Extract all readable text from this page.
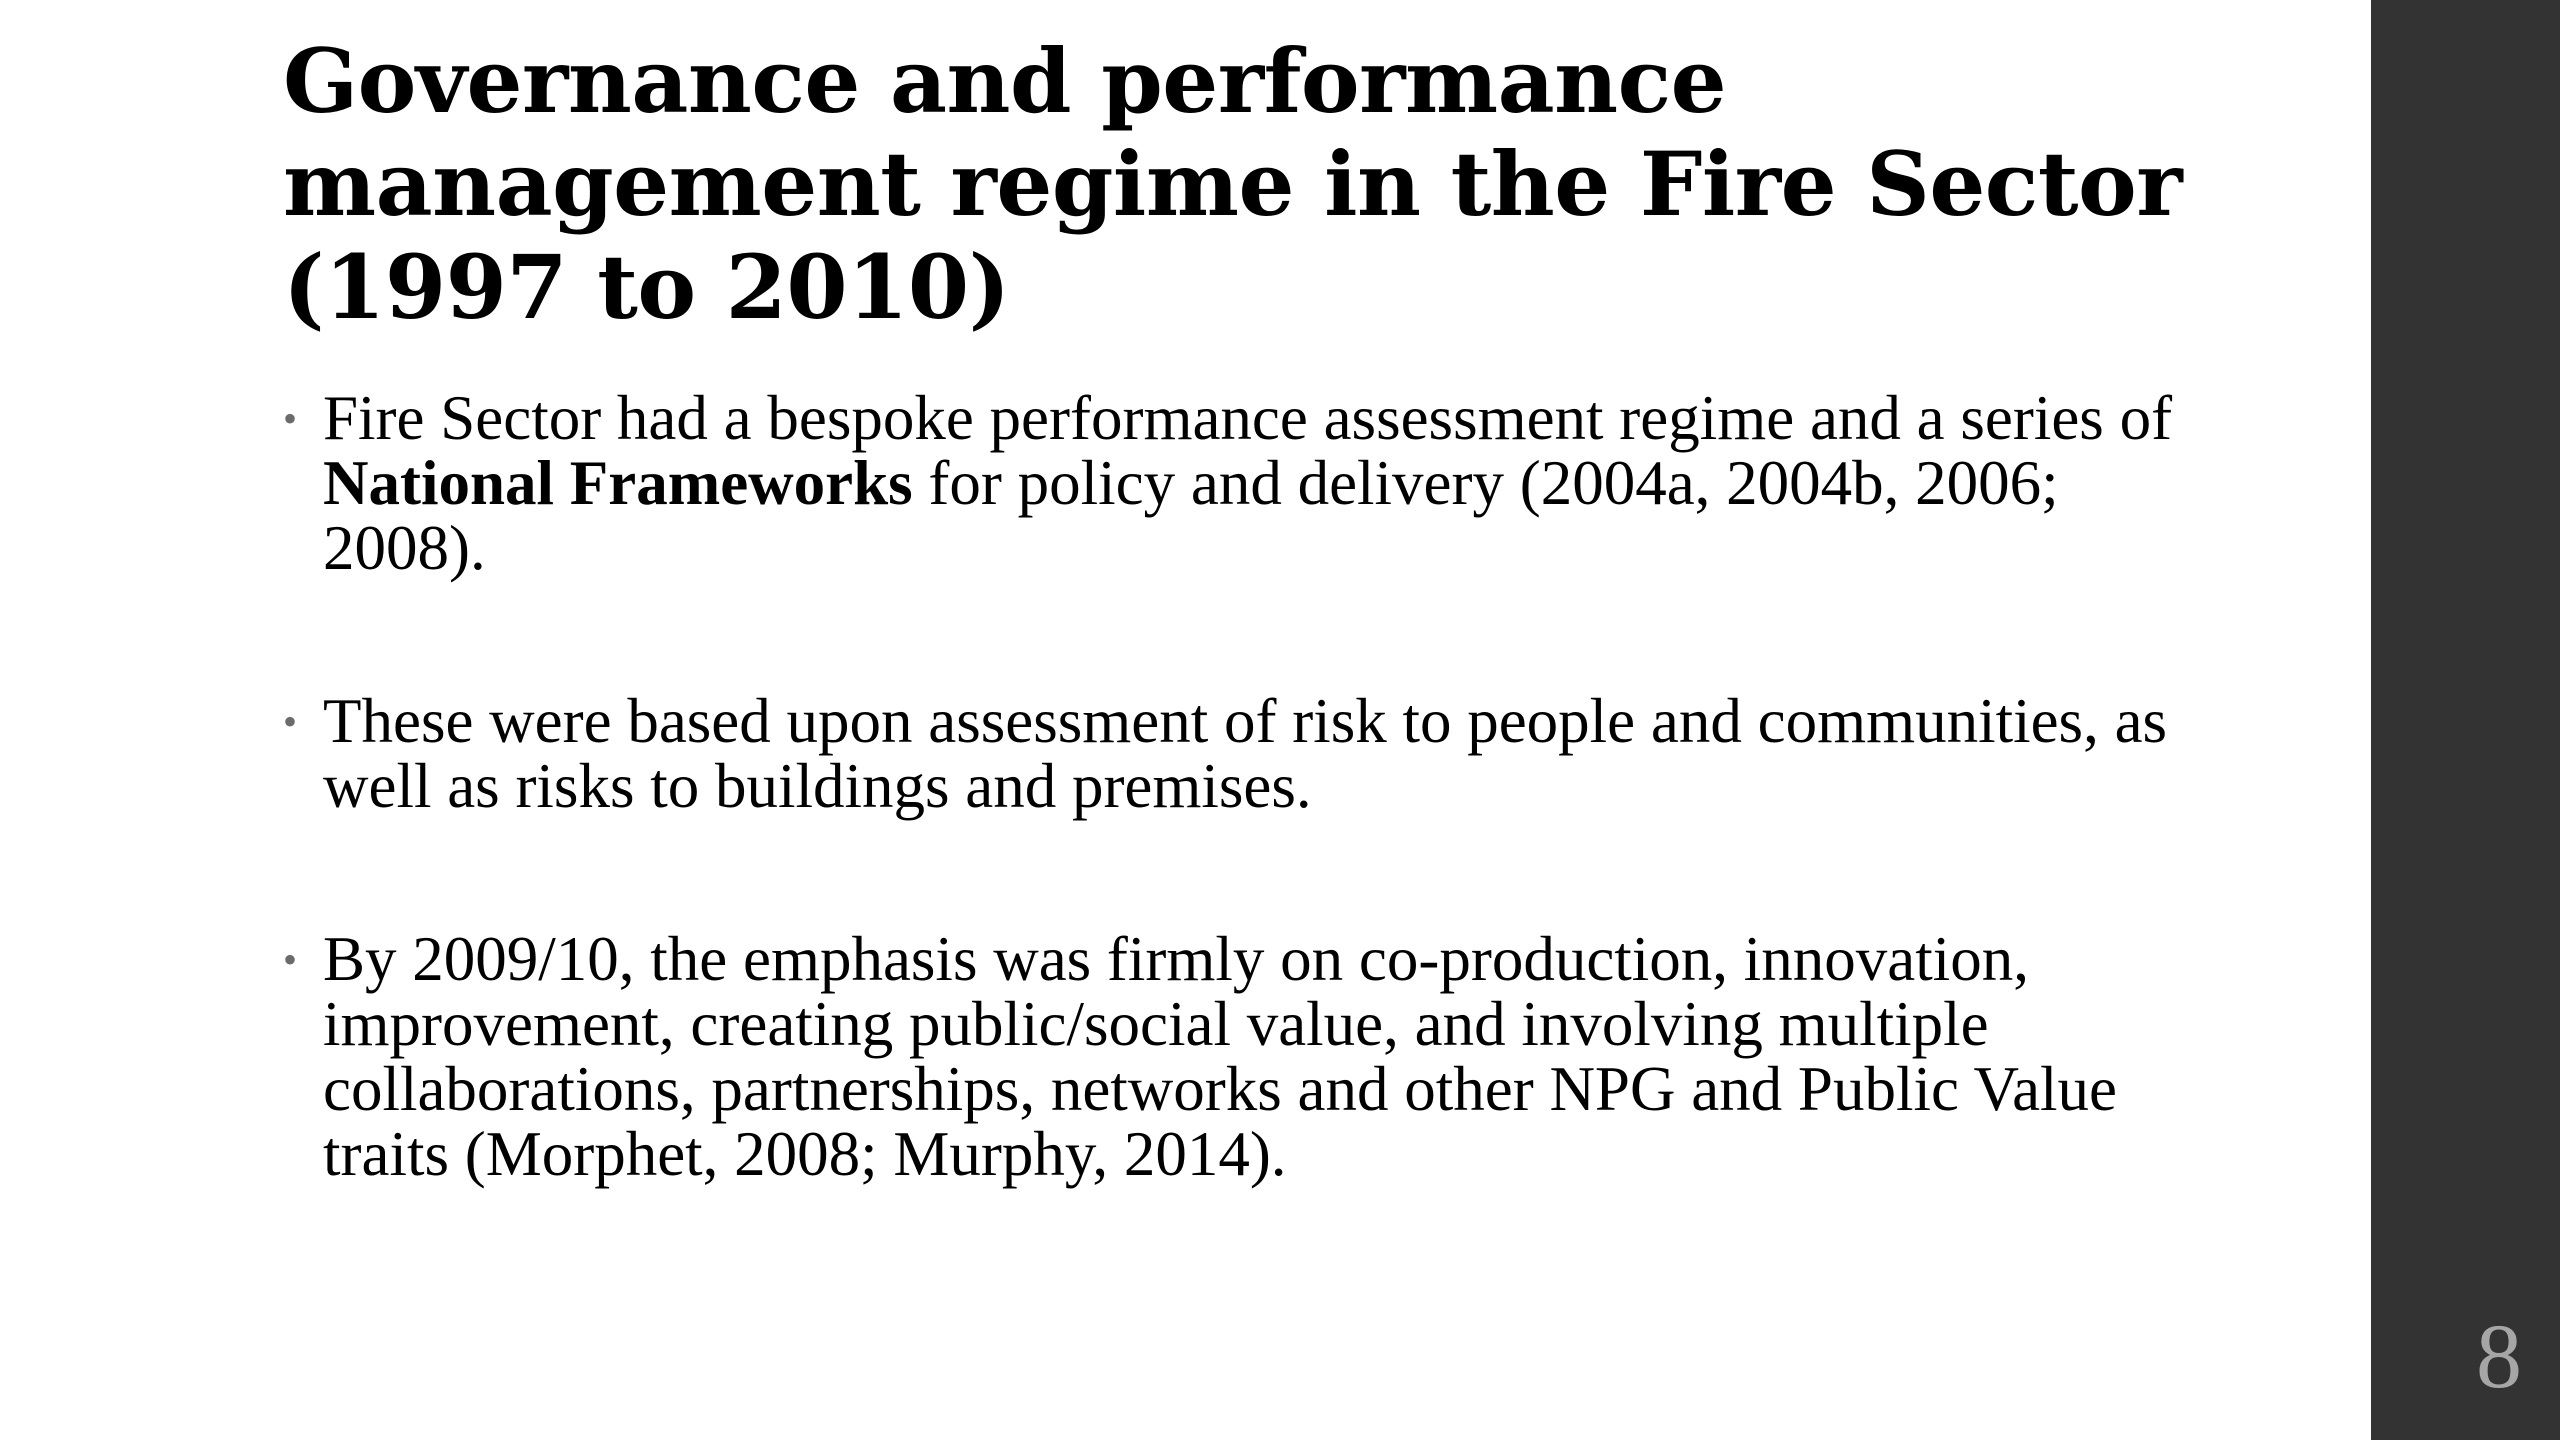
Governance and performance management regime in the Fire Sector (1997 to 2010)
• Fire Sector had a bespoke performance assessment regime and a series of National Frameworks for policy and delivery (2004a, 2004b, 2006; 2008).
• These were based upon assessment of risk to people and communities, as well as risks to buildings and premises.
• By 2009/10, the emphasis was firmly on co-production, innovation, improvement, creating public/social value, and involving multiple collaborations, partnerships, networks and other NPG and Public Value traits (Morphet, 2008; Murphy, 2014).
8
